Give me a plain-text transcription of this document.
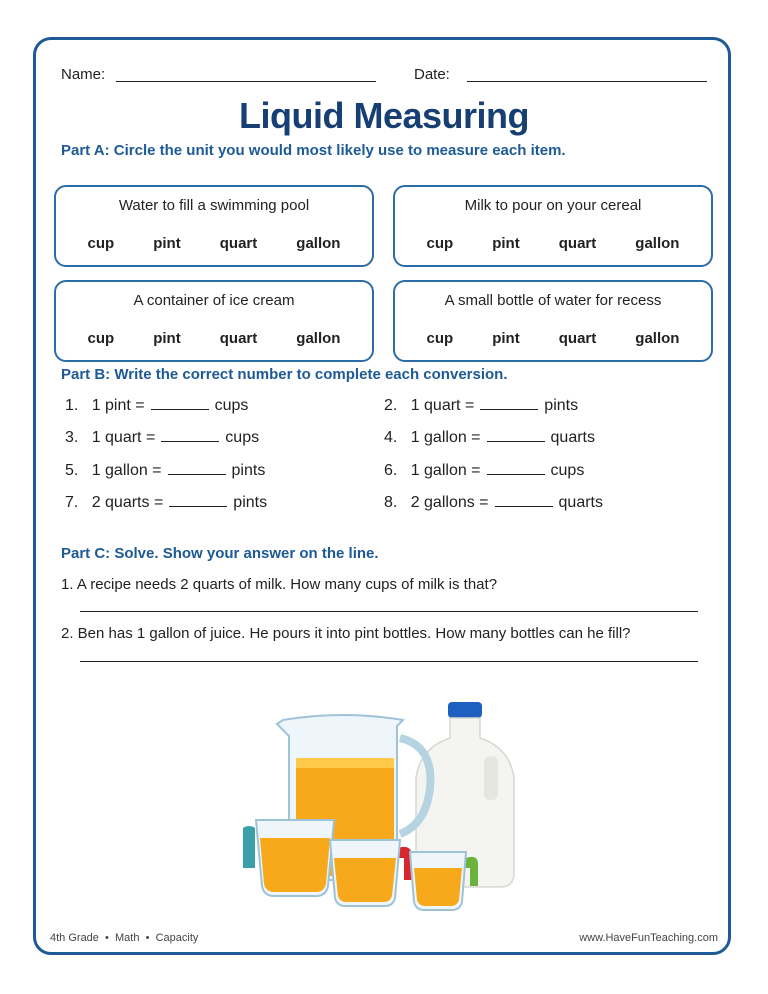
Name:	Date:
Liquid Measuring
Part A: Circle the unit you would most likely use to measure each item.
Water to fill a swimming pool
cup	pint	quart	gallon
Milk to pour on your cereal
cup	pint	quart	gallon
A container of ice cream
cup	pint	quart	gallon
A small bottle of water for recess
cup	pint	quart	gallon
Part B: Write the correct number to complete each conversion.
1. 1 pint =	cups	2. 1 quart =	pints
3. 1 quart =	cups	4. 1 gallon =	quarts
5. 1 gallon =	pints	6. 1 gallon =	cups
7. 2 quarts =	pints	8. 2 gallons =	quarts
Part C: Solve. Show your answer on the line.
1. A recipe needs 2 quarts of milk. How many cups of milk is that?
2. Ben has 1 gallon of juice. He pours it into pint bottles. How many bottles can he fill?
4th Grade  •  Math  •  Capacity	www.HaveFunTeaching.com
